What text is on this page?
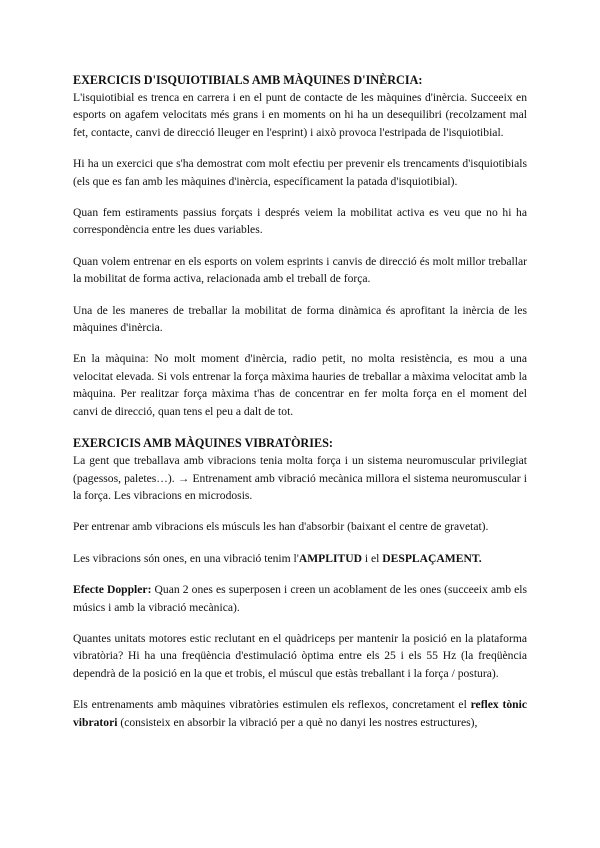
EXERCICIS D'ISQUIOTIBIALS AMB MÀQUINES D'INÈRCIA:

L'isquiotibial es trenca en carrera i en el punt de contacte de les màquines d'inèrcia. Succeeix en esports on agafem velocitats més grans i en moments on hi ha un desequilibri (recolzament mal fet, contacte, canvi de direcció lleuger en l'esprint) i això provoca l'estripada de l'isquiotibial.

Hi ha un exercici que s'ha demostrat com molt efectiu per prevenir els trencaments d'isquiotibials (els que es fan amb les màquines d'inèrcia, específicament la patada d'isquiotibial).

Quan fem estiraments passius forçats i després veiem la mobilitat activa es veu que no hi ha correspondència entre les dues variables.

Quan volem entrenar en els esports on volem esprints i canvis de direcció és molt millor treballar la mobilitat de forma activa, relacionada amb el treball de força.

Una de les maneres de treballar la mobilitat de forma dinàmica és aprofitant la inèrcia de les màquines d'inèrcia.

En la màquina: No molt moment d'inèrcia, radio petit, no molta resistència, es mou a una velocitat elevada. Si vols entrenar la força màxima hauries de treballar a màxima velocitat amb la màquina. Per realitzar força màxima t'has de concentrar en fer molta força en el moment del canvi de direcció, quan tens el peu a dalt de tot.

EXERCICIS AMB MÀQUINES VIBRATÒRIES:

La gent que treballava amb vibracions tenia molta força i un sistema neuromuscular privilegiat (pagessos, paletes…). → Entrenament amb vibració mecànica millora el sistema neuromuscular i la força. Les vibracions en microdosis.

Per entrenar amb vibracions els músculs les han d'absorbir (baixant el centre de gravetat).

Les vibracions són ones, en una vibració tenim l'AMPLITUD i el DESPLAÇAMENT.

Efecte Doppler: Quan 2 ones es superposen i creen un acoblament de les ones (succeeix amb els músics i amb la vibració mecànica).

Quantes unitats motores estic reclutant en el quàdriceps per mantenir la posició en la plataforma vibratòria? Hi ha una freqüència d'estimulació òptima entre els 25 i els 55 Hz (la freqüència dependrà de la posició en la que et trobis, el múscul que estàs treballant i la força / postura).

Els entrenaments amb màquines vibratòries estimulen els reflexos, concretament el reflex tònic vibratori (consisteix en absorbir la vibració per a què no danyi les nostres estructures),
